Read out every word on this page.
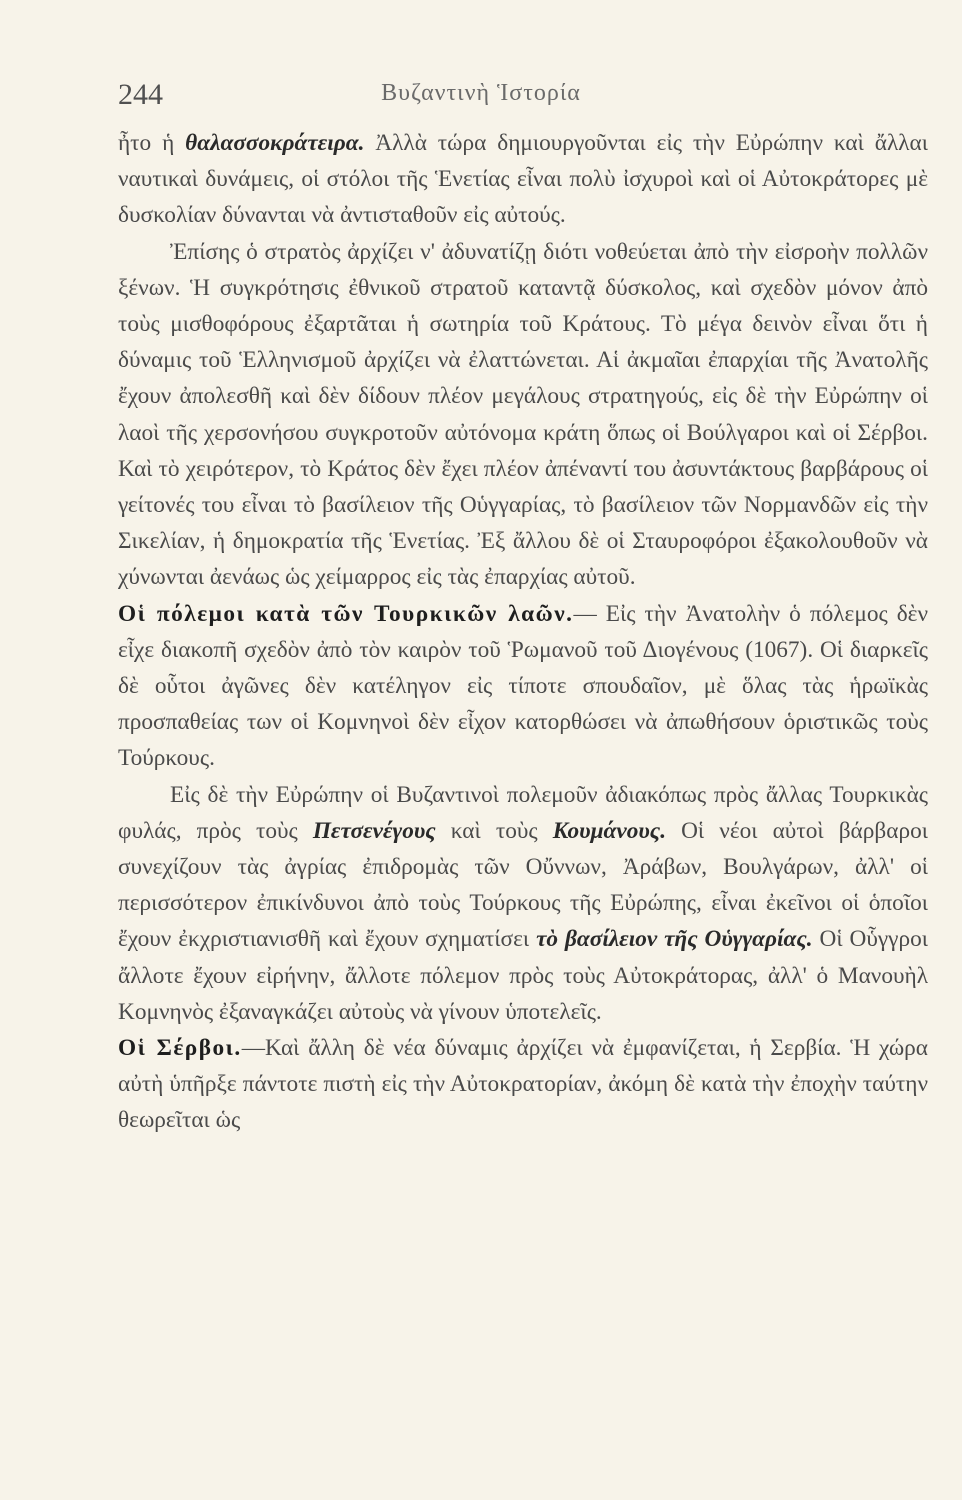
244	Βυζαντινὴ Ἱστορία

ἦτο ἡ θαλασσοκράτειρα. Ἀλλὰ τώρα δημιουργοῦνται εἰς τὴν Εὐρώπην καὶ ἄλλαι ναυτικαὶ δυνάμεις, οἱ στόλοι τῆς Ἑνετίας εἶναι πολὺ ἰσχυροὶ καὶ οἱ Αὐτοκράτορες μὲ δυσκολίαν δύνανται νὰ ἀντισταθοῦν εἰς αὐτούς.

Ἐπίσης ὁ στρατὸς ἀρχίζει ν' ἀδυνατίζῃ διότι νοθεύεται ἀπὸ τὴν εἰσροὴν πολλῶν ξένων. Ἡ συγκρότησις ἐθνικοῦ στρατοῦ καταντᾷ δύσκολος, καὶ σχεδὸν μόνον ἀπὸ τοὺς μισθοφόρους ἐξαρτᾶται ἡ σωτηρία τοῦ Κράτους. Τὸ μέγα δεινὸν εἶναι ὅτι ἡ δύναμις τοῦ Ἑλληνισμοῦ ἀρχίζει νὰ ἐλαττώνεται. Αἱ ἀκμαῖαι ἐπαρχίαι τῆς Ἀνατολῆς ἔχουν ἀπολεσθῆ καὶ δὲν δίδουν πλέον μεγάλους στρατηγούς, εἰς δὲ τὴν Εὐρώπην οἱ λαοὶ τῆς χερσονήσου συγκροτοῦν αὐτόνομα κράτη ὅπως οἱ Βούλγαροι καὶ οἱ Σέρβοι. Καὶ τὸ χειρότερον, τὸ Κράτος δὲν ἔχει πλέον ἀπέναντί του ἀσυντάκτους βαρβάρους οἱ γείτονές του εἶναι τὸ βασίλειον τῆς Οὑγγαρίας, τὸ βασίλειον τῶν Νορμανδῶν εἰς τὴν Σικελίαν, ἡ δημοκρατία τῆς Ἑνετίας. Ἐξ ἄλλου δὲ οἱ Σταυροφόροι ἐξακολουθοῦν νὰ χύνωνται ἀενάως ὡς χείμαρρος εἰς τὰς ἐπαρχίας αὐτοῦ.

Οἱ πόλεμοι κατὰ τῶν Τουρκικῶν λαῶν.— Εἰς τὴν Ἀνατολὴν ὁ πόλεμος δὲν εἶχε διακοπῆ σχεδὸν ἀπὸ τὸν καιρὸν τοῦ Ῥωμανοῦ τοῦ Διογένους (1067). Οἱ διαρκεῖς δὲ οὗτοι ἀγῶνες δὲν κατέληγον εἰς τίποτε σπουδαῖον, μὲ ὅλας τὰς ἡρωϊκὰς προσπαθείας των οἱ Κομνηνοὶ δὲν εἶχον κατορθώσει νὰ ἀπωθήσουν ὁριστικῶς τοὺς Τούρκους.

Εἰς δὲ τὴν Εὐρώπην οἱ Βυζαντινοὶ πολεμοῦν ἀδιακόπως πρὸς ἄλλας Τουρκικὰς φυλάς, πρὸς τοὺς Πετσενέγους καὶ τοὺς Κουμάνους. Οἱ νέοι αὐτοὶ βάρβαροι συνεχίζουν τὰς ἀγρίας ἐπιδρομὰς τῶν Οὔννων, Ἀράβων, Βουλγάρων, ἀλλ' οἱ περισσότερον ἐπικίνδυνοι ἀπὸ τοὺς Τούρκους τῆς Εὐρώπης, εἶναι ἐκεῖνοι οἱ ὁποῖοι ἔχουν ἐκχριστιανισθῆ καὶ ἔχουν σχηματίσει τὸ βασίλειον τῆς Οὑγγαρίας. Οἱ Οὗγγροι ἄλλοτε ἔχουν εἰρήνην, ἄλλοτε πόλεμον πρὸς τοὺς Αὐτοκράτορας, ἀλλ' ὁ Μανουὴλ Κομνηνὸς ἐξαναγκάζει αὐτοὺς νὰ γίνουν ὑποτελεῖς.

Οἱ Σέρβοι.—Καὶ ἄλλη δὲ νέα δύναμις ἀρχίζει νὰ ἐμφανίζεται, ἡ Σερβία. Ἡ χώρα αὐτὴ ὑπῆρξε πάντοτε πιστὴ εἰς τὴν Αὐτοκρατορίαν, ἀκόμη δὲ κατὰ τὴν ἐποχὴν ταύτην θεωρεῖται ὡς
